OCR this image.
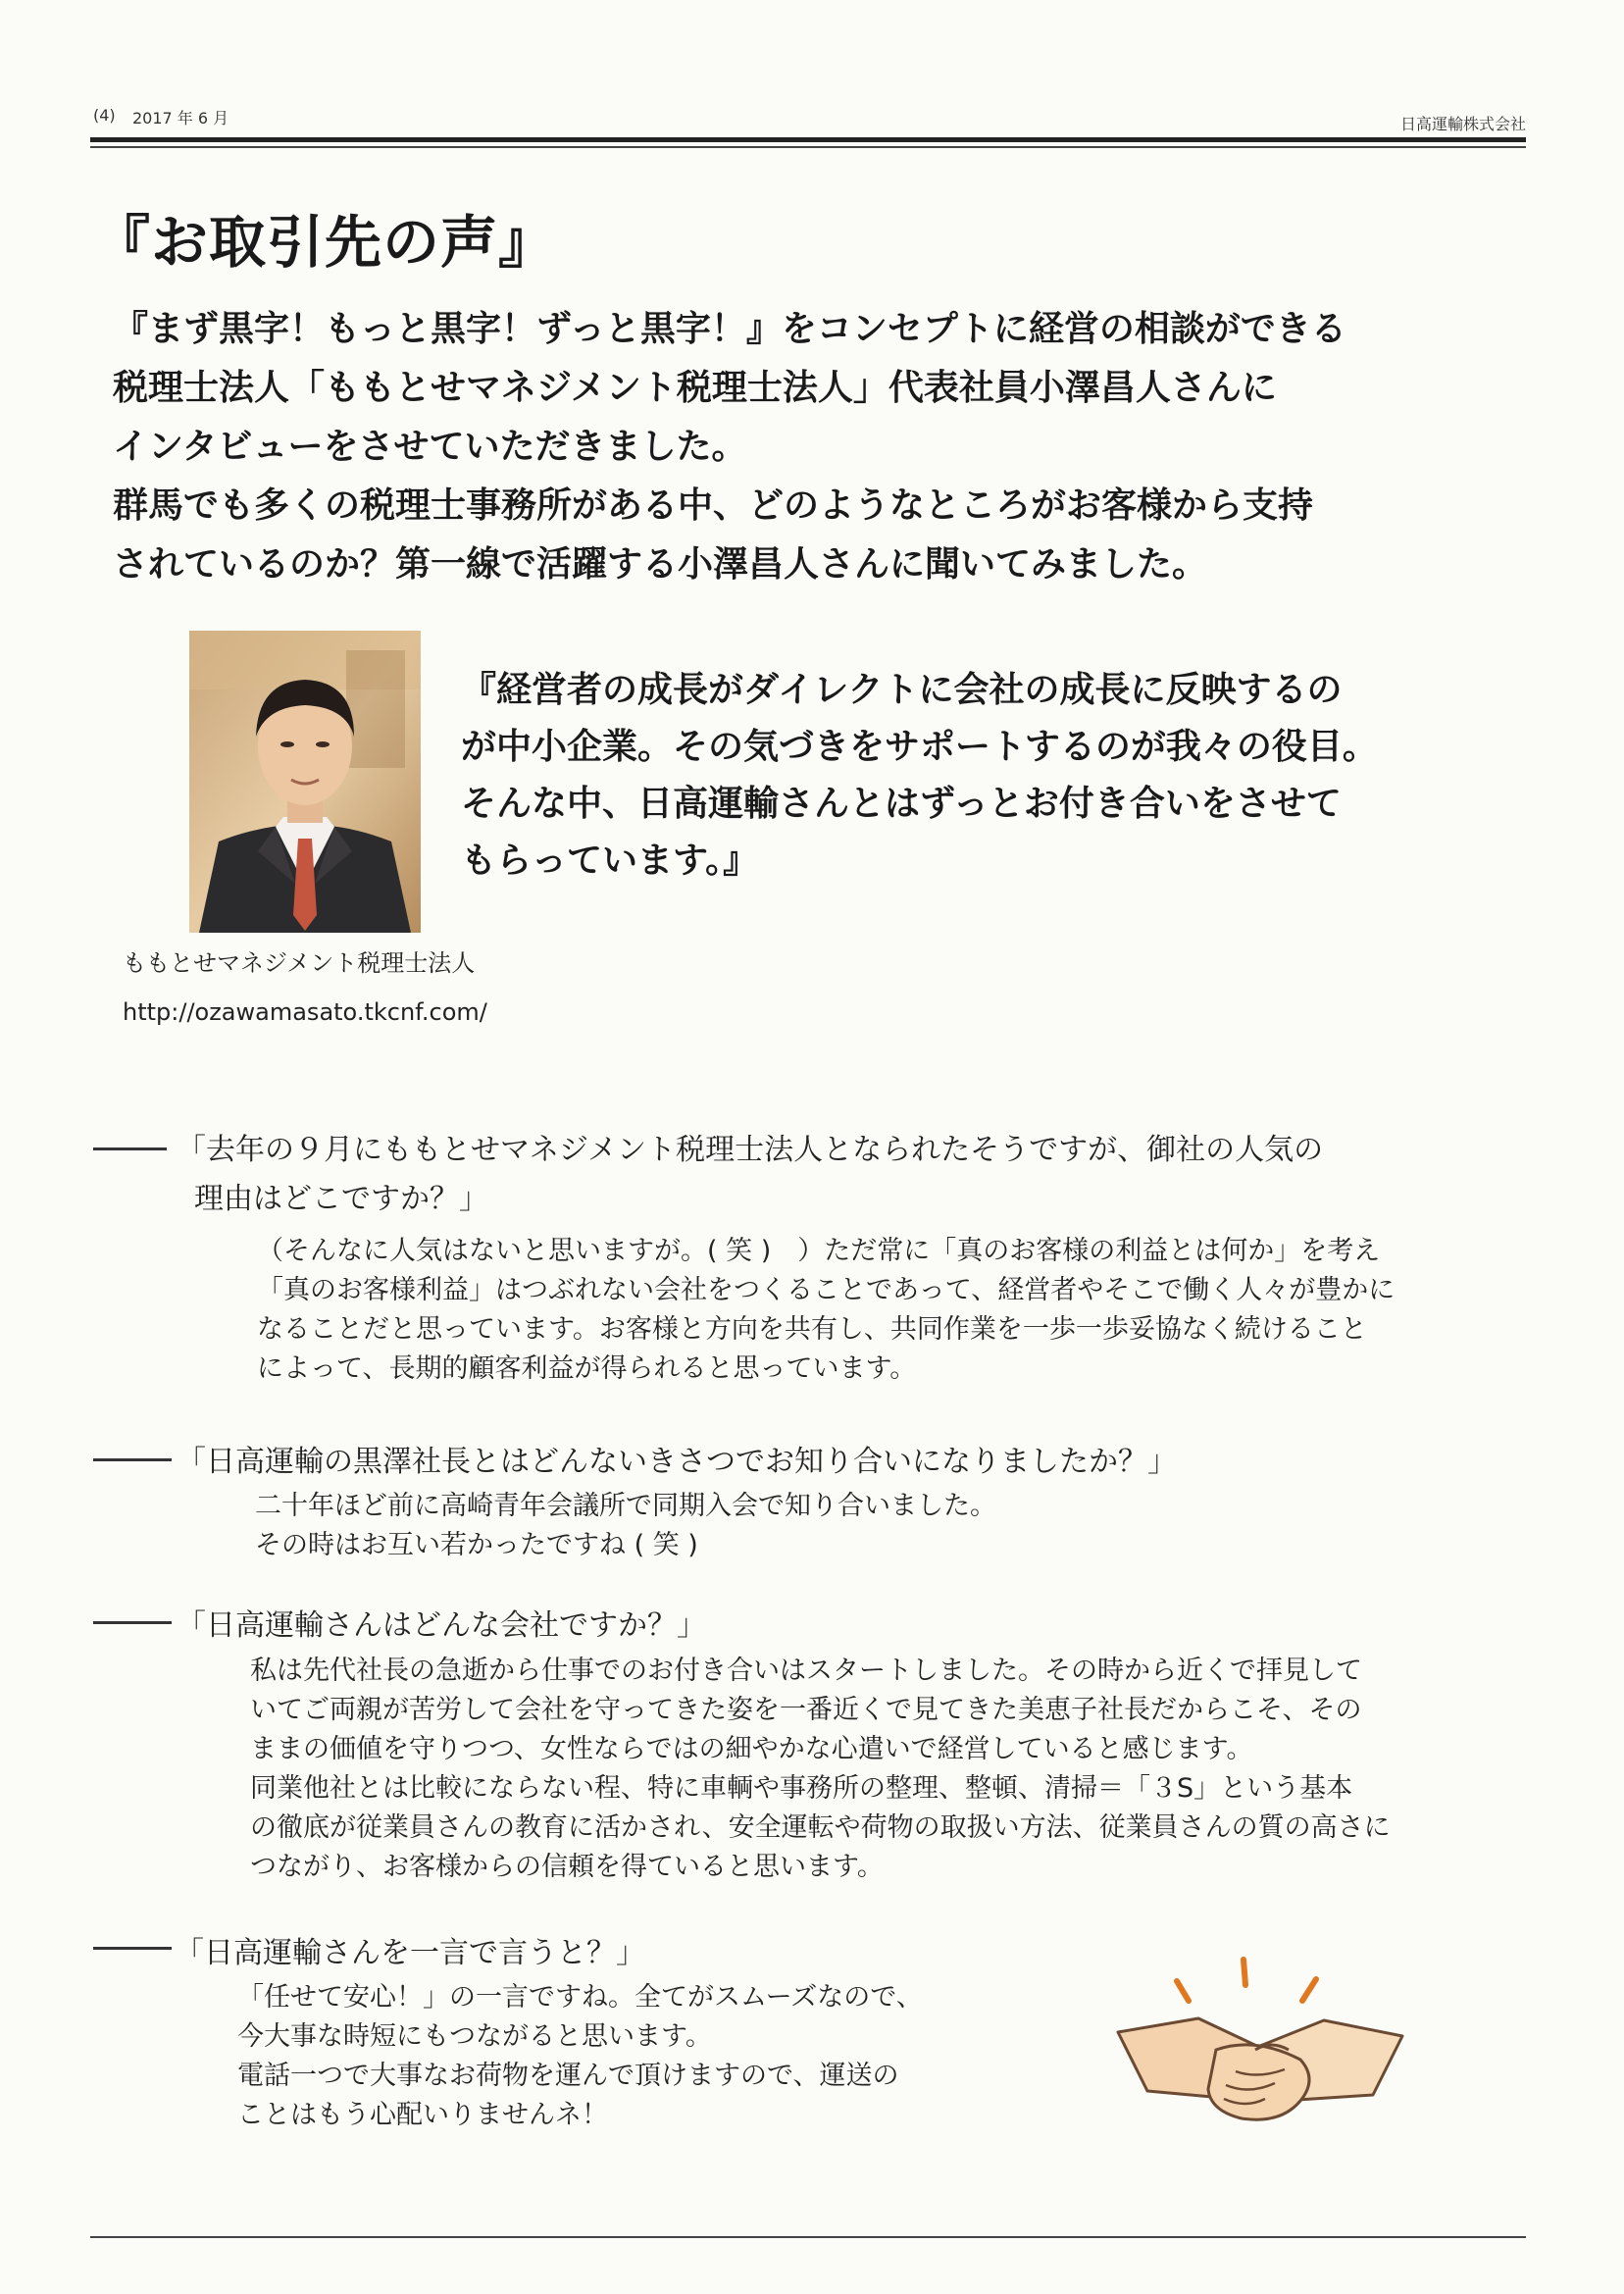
(4) 2017 年 6 月	日高運輸株式会社
『お取引先の声』
『まず黒字！もっと黒字！ずっと黒字！』をコンセプトに経営の相談ができる
税理士法人「ももとせマネジメント税理士法人」代表社員小澤昌人さんに
インタビューをさせていただきました。
群馬でも多くの税理士事務所がある中、どのようなところがお客様から支持
されているのか？第一線で活躍する小澤昌人さんに聞いてみました。
『経営者の成長がダイレクトに会社の成長に反映するの
が中小企業。その気づきをサポートするのが我々の役目。
そんな中、日高運輸さんとはずっとお付き合いをさせて
もらっています。』
ももとせマネジメント税理士法人
http://ozawamasato.tkcnf.com/
「去年の９月にももとせマネジメント税理士法人となられたそうですが、御社の人気の
理由はどこですか？」
（そんなに人気はないと思いますが。( 笑 )　）ただ常に「真のお客様の利益とは何か」を考え
「真のお客様利益」はつぶれない会社をつくることであって、経営者やそこで働く人々が豊かに
なることだと思っています。お客様と方向を共有し、共同作業を一歩一歩妥協なく続けること
によって、長期的顧客利益が得られると思っています。
「日高運輸の黒澤社長とはどんないきさつでお知り合いになりましたか？」
二十年ほど前に高崎青年会議所で同期入会で知り合いました。
その時はお互い若かったですね ( 笑 )
「日高運輸さんはどんな会社ですか？」
私は先代社長の急逝から仕事でのお付き合いはスタートしました。その時から近くで拝見して
いてご両親が苦労して会社を守ってきた姿を一番近くで見てきた美恵子社長だからこそ、その
ままの価値を守りつつ、女性ならではの細やかな心遣いで経営していると感じます。
同業他社とは比較にならない程、特に車輌や事務所の整理、整頓、清掃＝「３S」という基本
の徹底が従業員さんの教育に活かされ、安全運転や荷物の取扱い方法、従業員さんの質の高さに
つながり、お客様からの信頼を得ていると思います。
「日高運輸さんを一言で言うと？」
「任せて安心！」の一言ですね。全てがスムーズなので、
今大事な時短にもつながると思います。
電話一つで大事なお荷物を運んで頂けますので、運送の
ことはもう心配いりませんネ！
